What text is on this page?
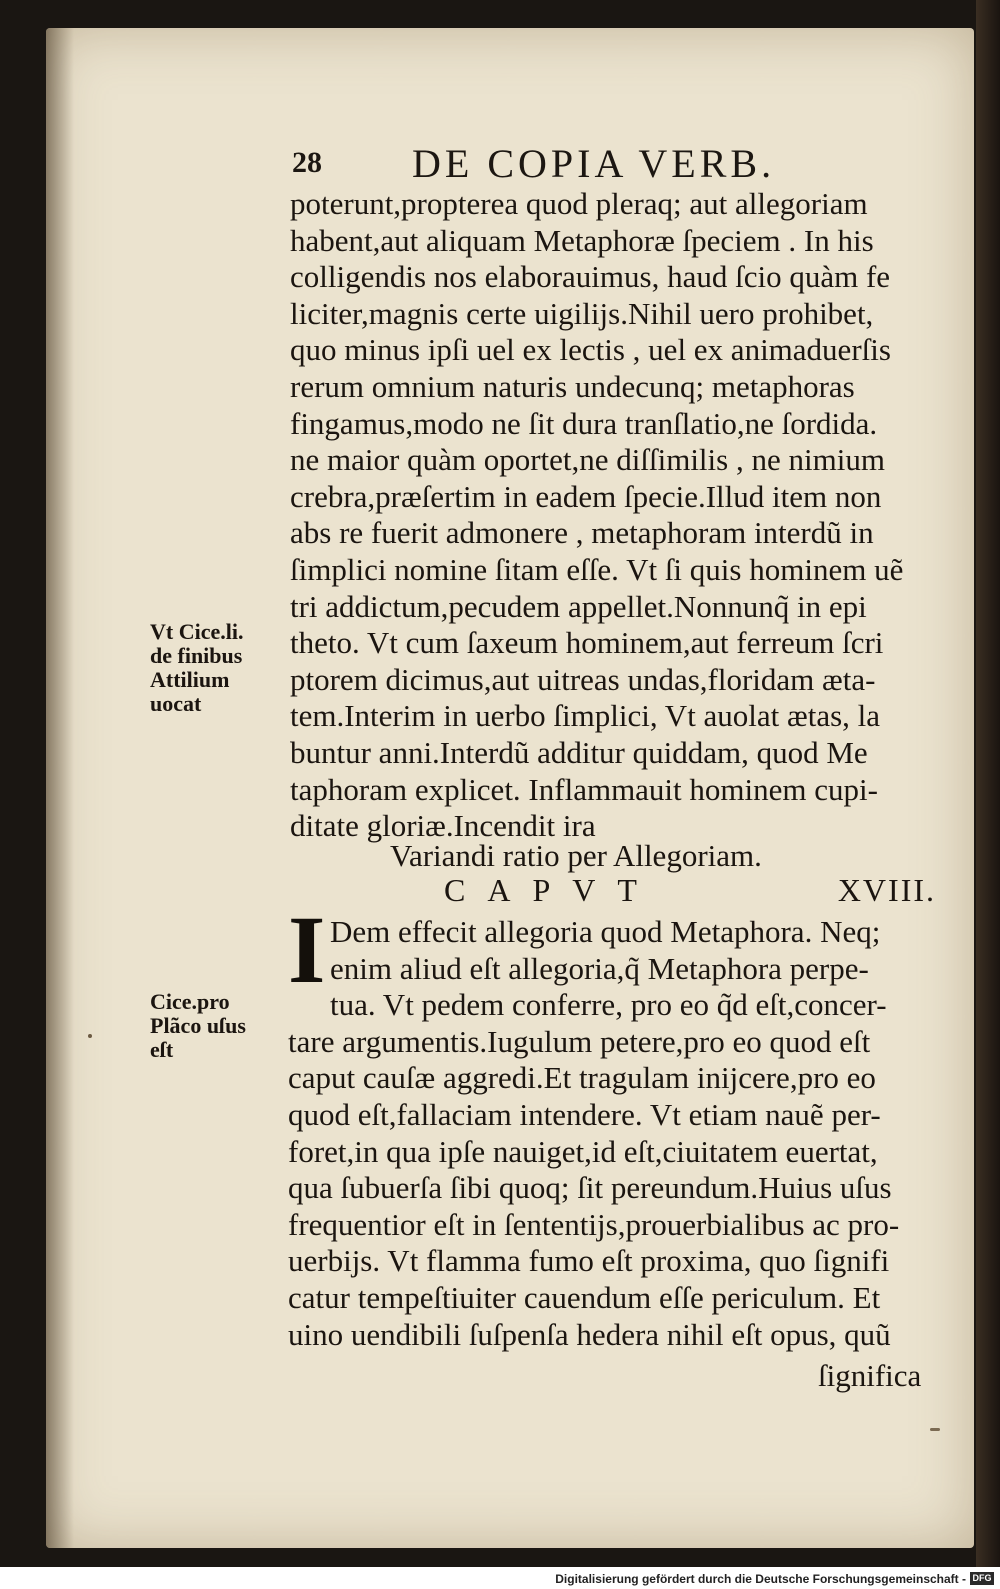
28 DE COPIA VERB.
poterunt,propterea quod pleraq; aut allegoriam
habent,aut aliquam Metaphoræ ſpeciem . In his
colligendis nos elaborauimus, haud ſcio quàm fe
liciter,magnis certe uigilijs.Nihil uero prohibet,
quo minus ipſi uel ex lectis , uel ex animaduerſis
rerum omnium naturis undecunq; metaphoras
fingamus,modo ne ſit dura tranſlatio,ne ſordida.
ne maior quàm oportet,ne diſſimilis , ne nimium
crebra,præſertim in eadem ſpecie.Illud item non
abs re fuerit admonere , metaphoram interdũ in
ſimplici nomine ſitam eſſe. Vt ſi quis hominem uẽ
tri addictum,pecudem appellet.Nonnunq̃ in epi
theto. Vt cum ſaxeum hominem,aut ferreum ſcri
ptorem dicimus,aut uitreas undas,floridam æta-
tem.Interim in uerbo ſimplici, Vt auolat ætas, la
buntur anni.Interdũ additur quiddam, quod Me
taphoram explicet. Inflammauit hominem cupi-
ditate gloriæ.Incendit ira
Variandi ratio per Allegoriam.
CAPVT	XVIII.
I Dem effecit allegoria quod Metaphora. Neq;
enim aliud eſt allegoria,q̃ Metaphora perpe-
tua. Vt pedem conferre, pro eo q̃d eſt,concer-
tare argumentis.Iugulum petere,pro eo quod eſt
caput cauſæ aggredi.Et tragulam inijcere,pro eo
quod eſt,fallaciam intendere. Vt etiam nauẽ per-
foret,in qua ipſe nauiget,id eſt,ciuitatem euertat,
qua ſubuerſa ſibi quoq; ſit pereundum.Huius uſus
frequentior eſt in ſententijs,prouerbialibus ac pro-
uerbijs. Vt flamma fumo eſt proxima, quo ſignifi
catur tempeſtiuiter cauendum eſſe periculum. Et
uino uendibili ſuſpenſa hedera nihil eſt opus, quũ
ſignifica
Vt Cice.li.
de finibus
Attilium
uocat
Cice.pro
Plãco uſus
eſt
Digitalisierung gefördert durch die Deutsche Forschungsgemeinschaft - DFG
